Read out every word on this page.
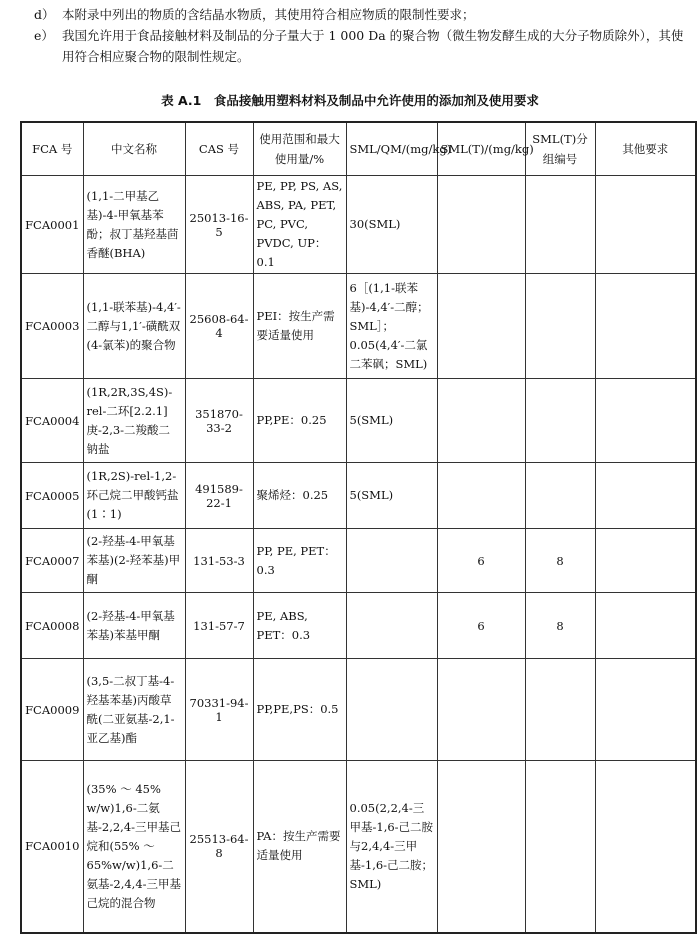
d） 本附录中列出的物质的含结晶水物质，其使用符合相应物质的限制性要求；
e） 我国允许用于食品接触材料及制品的分子量大于 1 000 Da 的聚合物（微生物发酵生成的大分子物质除外），其使用符合相应聚合物的限制性规定。
表 A.1　食品接触用塑料材料及制品中允许使用的添加剂及使用要求
FCA 号	中文名称	CAS 号	使用范围和最大使用量/%	SML/QM/(mg/kg)	SML(T)/(mg/kg)	SML(T)分组编号	其他要求
FCA0001	(1,1-二甲基乙基)-4-甲氧基苯酚；叔丁基羟基茴香醚(BHA)	25013-16-5	PE, PP, PS, AS, ABS, PA, PET, PC, PVC, PVDC, UP：0.1	30(SML)			
FCA0003	(1,1-联苯基)-4,4′-二醇与1,1′-磺酰双(4-氯苯)的聚合物	25608-64-4	PEI：按生产需要适量使用	6［(1,1-联苯基)-4,4′-二醇；SML］；0.05(4,4′-二氯二苯砜；SML)			
FCA0004	(1R,2R,3S,4S)-rel-二环[2.2.1]庚-2,3-二羧酸二钠盐	351870-33-2	PP,PE：0.25	5(SML)			
FCA0005	(1R,2S)-rel-1,2-环己烷二甲酸钙盐(1∶1)	491589-22-1	聚烯烃：0.25	5(SML)			
FCA0007	(2-羟基-4-甲氧基苯基)(2-羟苯基)甲酮	131-53-3	PP, PE, PET：0.3		6	8	
FCA0008	(2-羟基-4-甲氧基苯基)苯基甲酮	131-57-7	PE, ABS, PET：0.3		6	8	
FCA0009	(3,5-二叔丁基-4-羟基苯基)丙酸草酰(二亚氨基-2,1-亚乙基)酯	70331-94-1	PP,PE,PS：0.5				
FCA0010	(35% ～ 45% w/w)1,6-二氨基-2,2,4-三甲基己烷和(55% ～65%w/w)1,6-二氨基-2,4,4-三甲基己烷的混合物	25513-64-8	PA：按生产需要适量使用	0.05(2,2,4-三甲基-1,6-己二胺与2,4,4-三甲基-1,6-己二胺；SML)			
